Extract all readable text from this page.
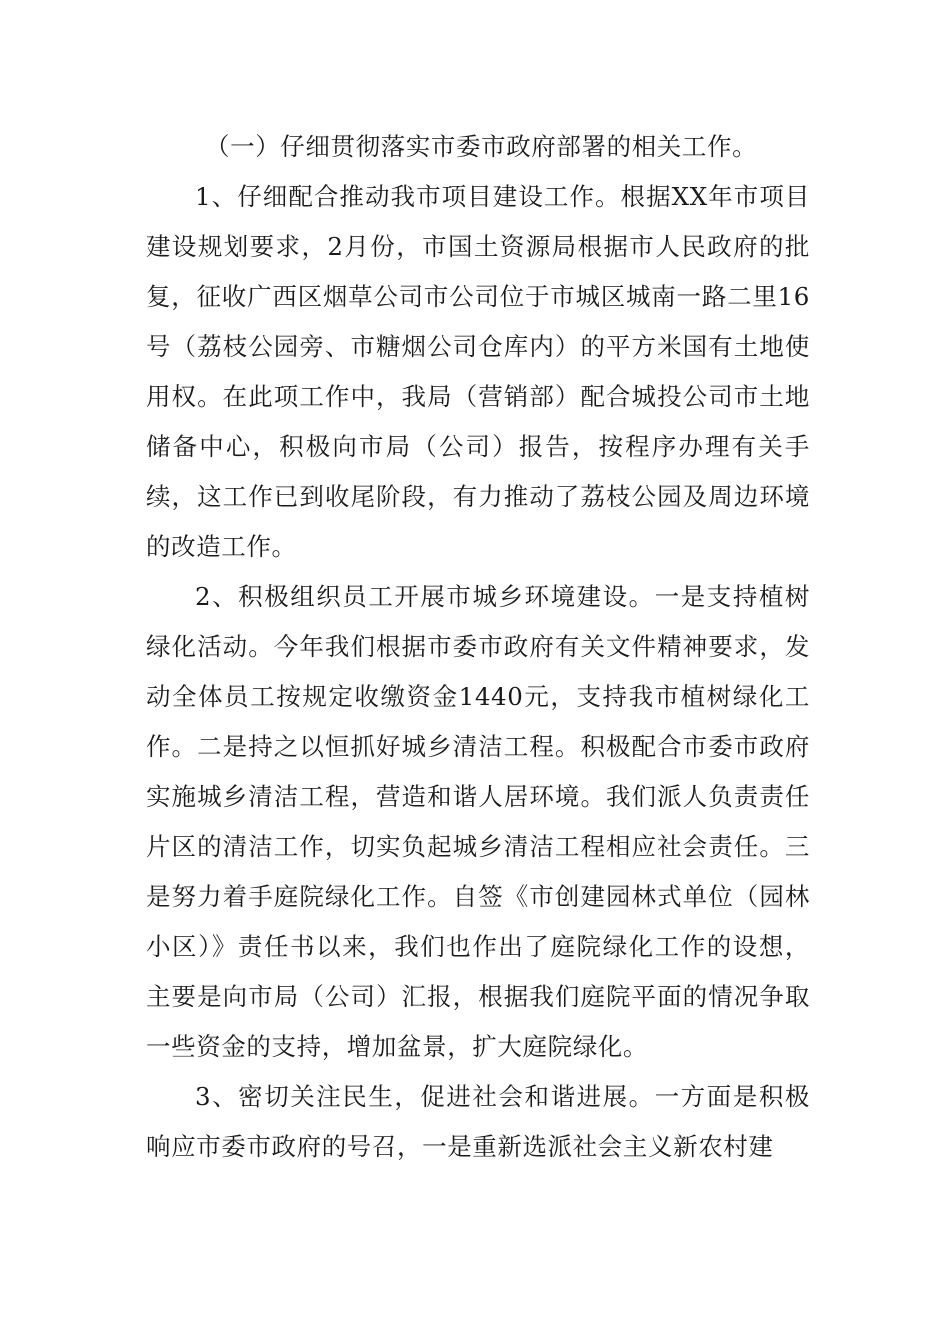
（一）仔细贯彻落实市委市政府部署的相关工作。

1、仔细配合推动我市项目建设工作。根据XX年市项目建设规划要求，2月份，市国土资源局根据市人民政府的批复，征收广西区烟草公司市公司位于市城区城南一路二里16号（荔枝公园旁、市糖烟公司仓库内）的平方米国有土地使用权。在此项工作中，我局（营销部）配合城投公司市土地储备中心，积极向市局（公司）报告，按程序办理有关手续，这工作已到收尾阶段，有力推动了荔枝公园及周边环境的改造工作。

2、积极组织员工开展市城乡环境建设。一是支持植树绿化活动。今年我们根据市委市政府有关文件精神要求，发动全体员工按规定收缴资金1440元，支持我市植树绿化工作。二是持之以恒抓好城乡清洁工程。积极配合市委市政府实施城乡清洁工程，营造和谐人居环境。我们派人负责责任片区的清洁工作，切实负起城乡清洁工程相应社会责任。三是努力着手庭院绿化工作。自签《市创建园林式单位（园林小区）》责任书以来，我们也作出了庭院绿化工作的设想，主要是向市局（公司）汇报，根据我们庭院平面的情况争取一些资金的支持，增加盆景，扩大庭院绿化。

3、密切关注民生，促进社会和谐进展。一方面是积极响应市委市政府的号召，一是重新选派社会主义新农村建
